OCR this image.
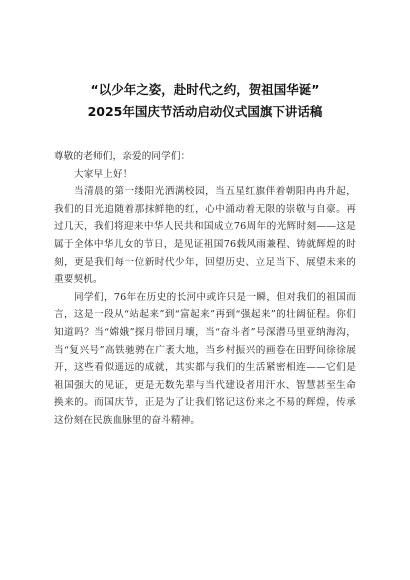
“以少年之姿，赴时代之约，贺祖国华诞”
2025年国庆节活动启动仪式国旗下讲话稿

尊敬的老师们，亲爱的同学们：

大家早上好！

当清晨的第一缕阳光洒满校园，当五星红旗伴着朝阳冉冉升起，我们的目光追随着那抹鲜艳的红，心中涌动着无限的崇敬与自豪。再过几天，我们将迎来中华人民共和国成立76周年的光辉时刻——这是属于全体中华儿女的节日，是见证祖国76载风雨兼程、铸就辉煌的时刻，更是我们每一位新时代少年，回望历史、立足当下、展望未来的重要契机。

同学们，76年在历史的长河中或许只是一瞬，但对我们的祖国而言，这是一段从“站起来”到“富起来”再到“强起来”的壮阔征程。你们知道吗？当“嫦娥”探月带回月壤，当“奋斗者”号深潜马里亚纳海沟，当“复兴号”高铁驰骋在广袤大地，当乡村振兴的画卷在田野间徐徐展开，这些看似遥远的成就，其实都与我们的生活紧密相连——它们是祖国强大的见证，更是无数先辈与当代建设者用汗水、智慧甚至生命换来的。而国庆节，正是为了让我们铭记这份来之不易的辉煌，传承这份刻在民族血脉里的奋斗精神。
